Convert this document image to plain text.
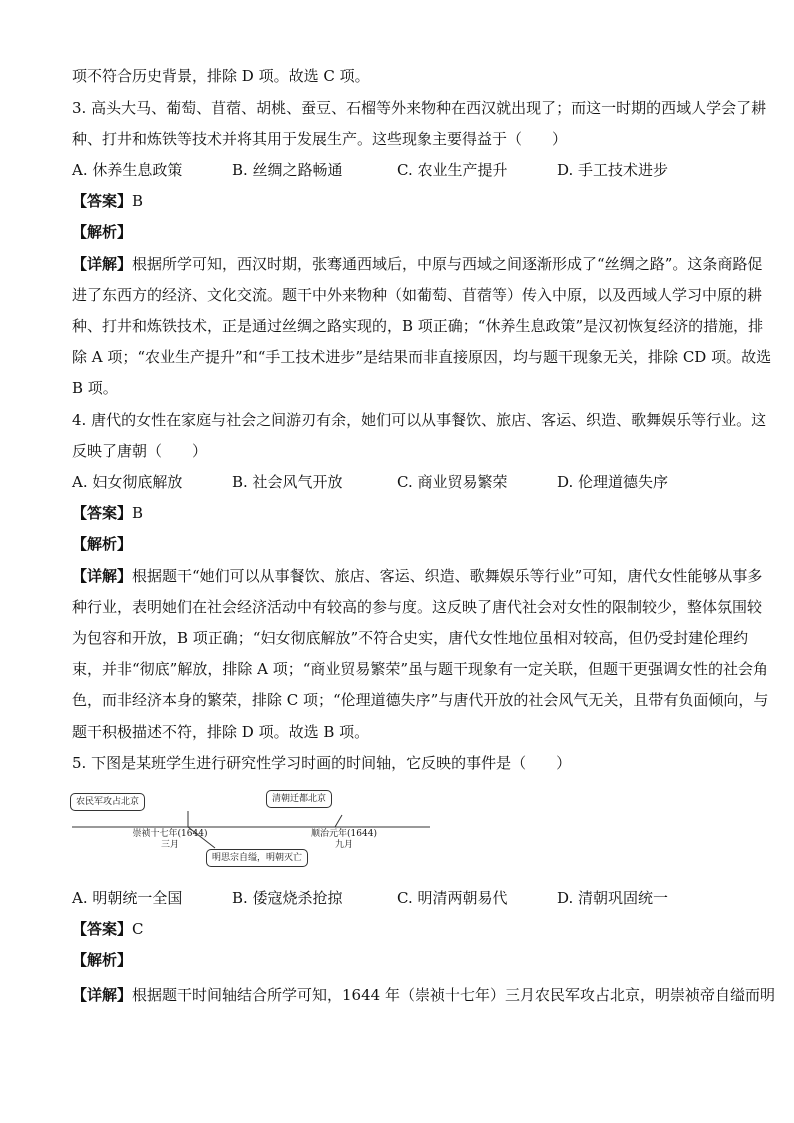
项不符合历史背景，排除 D 项。故选 C 项。
3. 高头大马、葡萄、苜蓿、胡桃、蚕豆、石榴等外来物种在西汉就出现了；而这一时期的西域人学会了耕
种、打井和炼铁等技术并将其用于发展生产。这些现象主要得益于（　　）
A. 休养生息政策	B. 丝绸之路畅通	C. 农业生产提升	D. 手工技术进步
【答案】B
【解析】
【详解】根据所学可知，西汉时期，张骞通西域后，中原与西域之间逐渐形成了“丝绸之路”。这条商路促
进了东西方的经济、文化交流。题干中外来物种（如葡萄、苜蓿等）传入中原，以及西域人学习中原的耕
种、打井和炼铁技术，正是通过丝绸之路实现的，B 项正确；“休养生息政策”是汉初恢复经济的措施，排
除 A 项；“农业生产提升”和“手工技术进步”是结果而非直接原因，均与题干现象无关，排除 CD 项。故选
B 项。
4. 唐代的女性在家庭与社会之间游刃有余，她们可以从事餐饮、旅店、客运、织造、歌舞娱乐等行业。这
反映了唐朝（　　）
A. 妇女彻底解放	B. 社会风气开放	C. 商业贸易繁荣	D. 伦理道德失序
【答案】B
【解析】
【详解】根据题干“她们可以从事餐饮、旅店、客运、织造、歌舞娱乐等行业”可知，唐代女性能够从事多
种行业，表明她们在社会经济活动中有较高的参与度。这反映了唐代社会对女性的限制较少，整体氛围较
为包容和开放，B 项正确；“妇女彻底解放”不符合史实，唐代女性地位虽相对较高，但仍受封建伦理约
束，并非“彻底”解放，排除 A 项；“商业贸易繁荣”虽与题干现象有一定关联，但题干更强调女性的社会角
色，而非经济本身的繁荣，排除 C 项；“伦理道德失序”与唐代开放的社会风气无关，且带有负面倾向，与
题干积极描述不符，排除 D 项。故选 B 项。
5. 下图是某班学生进行研究性学习时画的时间轴，它反映的事件是（　　）
农民军攻占北京	清朝迁都北京
明思宗自缢，明朝灭亡
崇祯十七年(1644)
三月
顺治元年(1644)
九月
A. 明朝统一全国	B. 倭寇烧杀抢掠	C. 明清两朝易代	D. 清朝巩固统一
【答案】C
【解析】
【详解】根据题干时间轴结合所学可知，1644 年（崇祯十七年）三月农民军攻占北京，明崇祯帝自缢而明
